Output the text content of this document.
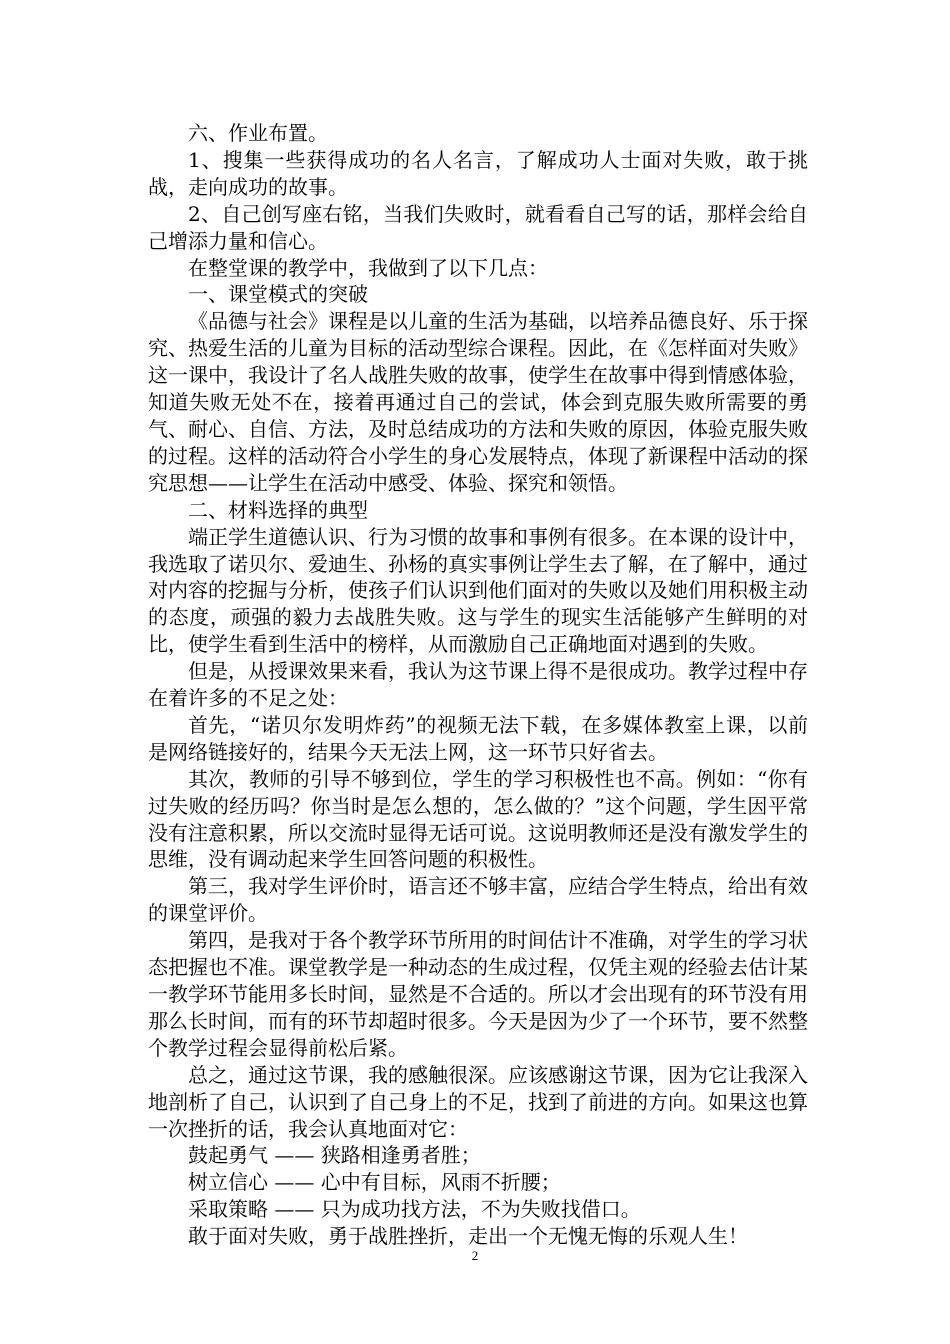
六、作业布置。

1、搜集一些获得成功的名人名言，了解成功人士面对失败，敢于挑战，走向成功的故事。

2、自己创写座右铭，当我们失败时，就看看自己写的话，那样会给自己增添力量和信心。

在整堂课的教学中，我做到了以下几点：

一、课堂模式的突破

《品德与社会》课程是以儿童的生活为基础，以培养品德良好、乐于探究、热爱生活的儿童为目标的活动型综合课程。因此，在《怎样面对失败》这一课中，我设计了名人战胜失败的故事，使学生在故事中得到情感体验，知道失败无处不在，接着再通过自己的尝试，体会到克服失败所需要的勇气、耐心、自信、方法，及时总结成功的方法和失败的原因，体验克服失败的过程。这样的活动符合小学生的身心发展特点，体现了新课程中活动的探究思想——让学生在活动中感受、体验、探究和领悟。

二、材料选择的典型

端正学生道德认识、行为习惯的故事和事例有很多。在本课的设计中，我选取了诺贝尔、爱迪生、孙杨的真实事例让学生去了解，在了解中，通过对内容的挖掘与分析，使孩子们认识到他们面对的失败以及她们用积极主动的态度，顽强的毅力去战胜失败。这与学生的现实生活能够产生鲜明的对比，使学生看到生活中的榜样，从而激励自己正确地面对遇到的失败。

但是，从授课效果来看，我认为这节课上得不是很成功。教学过程中存在着许多的不足之处：

首先，“诺贝尔发明炸药”的视频无法下载，在多媒体教室上课，以前是网络链接好的，结果今天无法上网，这一环节只好省去。

其次，教师的引导不够到位，学生的学习积极性也不高。例如：“你有过失败的经历吗？你当时是怎么想的，怎么做的？”这个问题，学生因平常没有注意积累，所以交流时显得无话可说。这说明教师还是没有激发学生的思维，没有调动起来学生回答问题的积极性。

第三，我对学生评价时，语言还不够丰富，应结合学生特点，给出有效的课堂评价。

第四，是我对于各个教学环节所用的时间估计不准确，对学生的学习状态把握也不准。课堂教学是一种动态的生成过程，仅凭主观的经验去估计某一教学环节能用多长时间，显然是不合适的。所以才会出现有的环节没有用那么长时间，而有的环节却超时很多。今天是因为少了一个环节，要不然整个教学过程会显得前松后紧。

总之，通过这节课，我的感触很深。应该感谢这节课，因为它让我深入地剖析了自己，认识到了自己身上的不足，找到了前进的方向。如果这也算一次挫折的话，我会认真地面对它：

鼓起勇气 —— 狭路相逢勇者胜；

树立信心 —— 心中有目标，风雨不折腰；

采取策略 —— 只为成功找方法，不为失败找借口。

敢于面对失败，勇于战胜挫折，走出一个无愧无悔的乐观人生！

2
